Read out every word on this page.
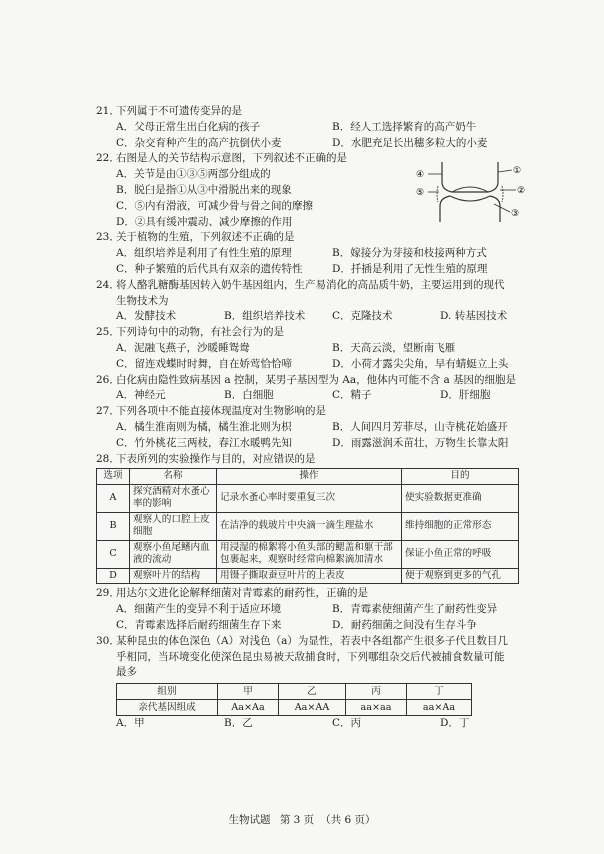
①
②
③
④
⑤
21．下列属于不可遗传变异的是
A．父母正常生出白化病的孩子	B．经人工选择繁育的高产奶牛
C．杂交育种产生的高产抗倒伏小麦	D．水肥充足长出穗多粒大的小麦
22．右图是人的关节结构示意图，下列叙述不正确的是
A．关节是由①③⑤两部分组成的
B．脱臼是指①从③中滑脱出来的现象
C．⑤内有滑液，可减少骨与骨之间的摩擦
D．②具有缓冲震动、减少摩擦的作用
23．关于植物的生殖，下列叙述不正确的是
A．组织培养是利用了有性生殖的原理	B．嫁接分为芽接和枝接两种方式
C．种子繁殖的后代具有双亲的遗传特性	D．扦插是利用了无性生殖的原理
24．将人酪乳糖酶基因转入奶牛基因组内，生产易消化的高品质牛奶，主要运用到的现代
生物技术为
A．发酵技术	B．组织培养技术	C．克隆技术	D. 转基因技术
25．下列诗句中的动物，有社会行为的是
A．泥融飞燕子，沙暖睡鸳鸯	B．天高云淡，望断南飞雁
C．留连戏蝶时时舞，自在娇莺恰恰啼	D．小荷才露尖尖角，早有蜻蜓立上头
26．白化病由隐性致病基因 a 控制，某男子基因型为 Aa，他体内可能不含 a 基因的细胞是
A．神经元	B．白细胞	C．精子	D．肝细胞
27．下列各项中不能直接体现温度对生物影响的是
A．橘生淮南则为橘，橘生淮北则为枳	B．人间四月芳菲尽，山寺桃花始盛开
C．竹外桃花三两枝，春江水暖鸭先知	D．雨露滋润禾苗壮，万物生长靠太阳
28．下表所列的实验操作与目的，对应错误的是
选项	名称	操作	目的
A	探究酒精对水蚤心率的影响	记录水蚤心率时要重复三次	使实验数据更准确
B	观察人的口腔上皮细胞	在洁净的载玻片中央滴一滴生理盐水	维持细胞的正常形态
C	观察小鱼尾鳍内血液的流动	用浸湿的棉絮将小鱼头部的鳃盖和躯干部包裹起来，观察时经常向棉絮滴加清水	保证小鱼正常的呼吸
D	观察叶片的结构	用镊子撕取蚕豆叶片的上表皮	便于观察到更多的气孔
29．用达尔文进化论解释细菌对青霉素的耐药性，正确的是
A．细菌产生的变异不利于适应环境	B．青霉素使细菌产生了耐药性变异
C．青霉素选择后耐药细菌生存下来	D．耐药细菌之间没有生存斗争
30．某种昆虫的体色深色（A）对浅色（a）为显性，若表中各组都产生很多子代且数目几
乎相同，当环境变化使深色昆虫易被天敌捕食时，下列哪组杂交后代被捕食数量可能
最多
组别	甲	乙	丙	丁
亲代基因组成	Aa×Aa	Aa×AA	aa×aa	aa×Aa
A．甲	B．乙	C．丙	D．丁
生物试题 第 3 页 （共 6 页）
